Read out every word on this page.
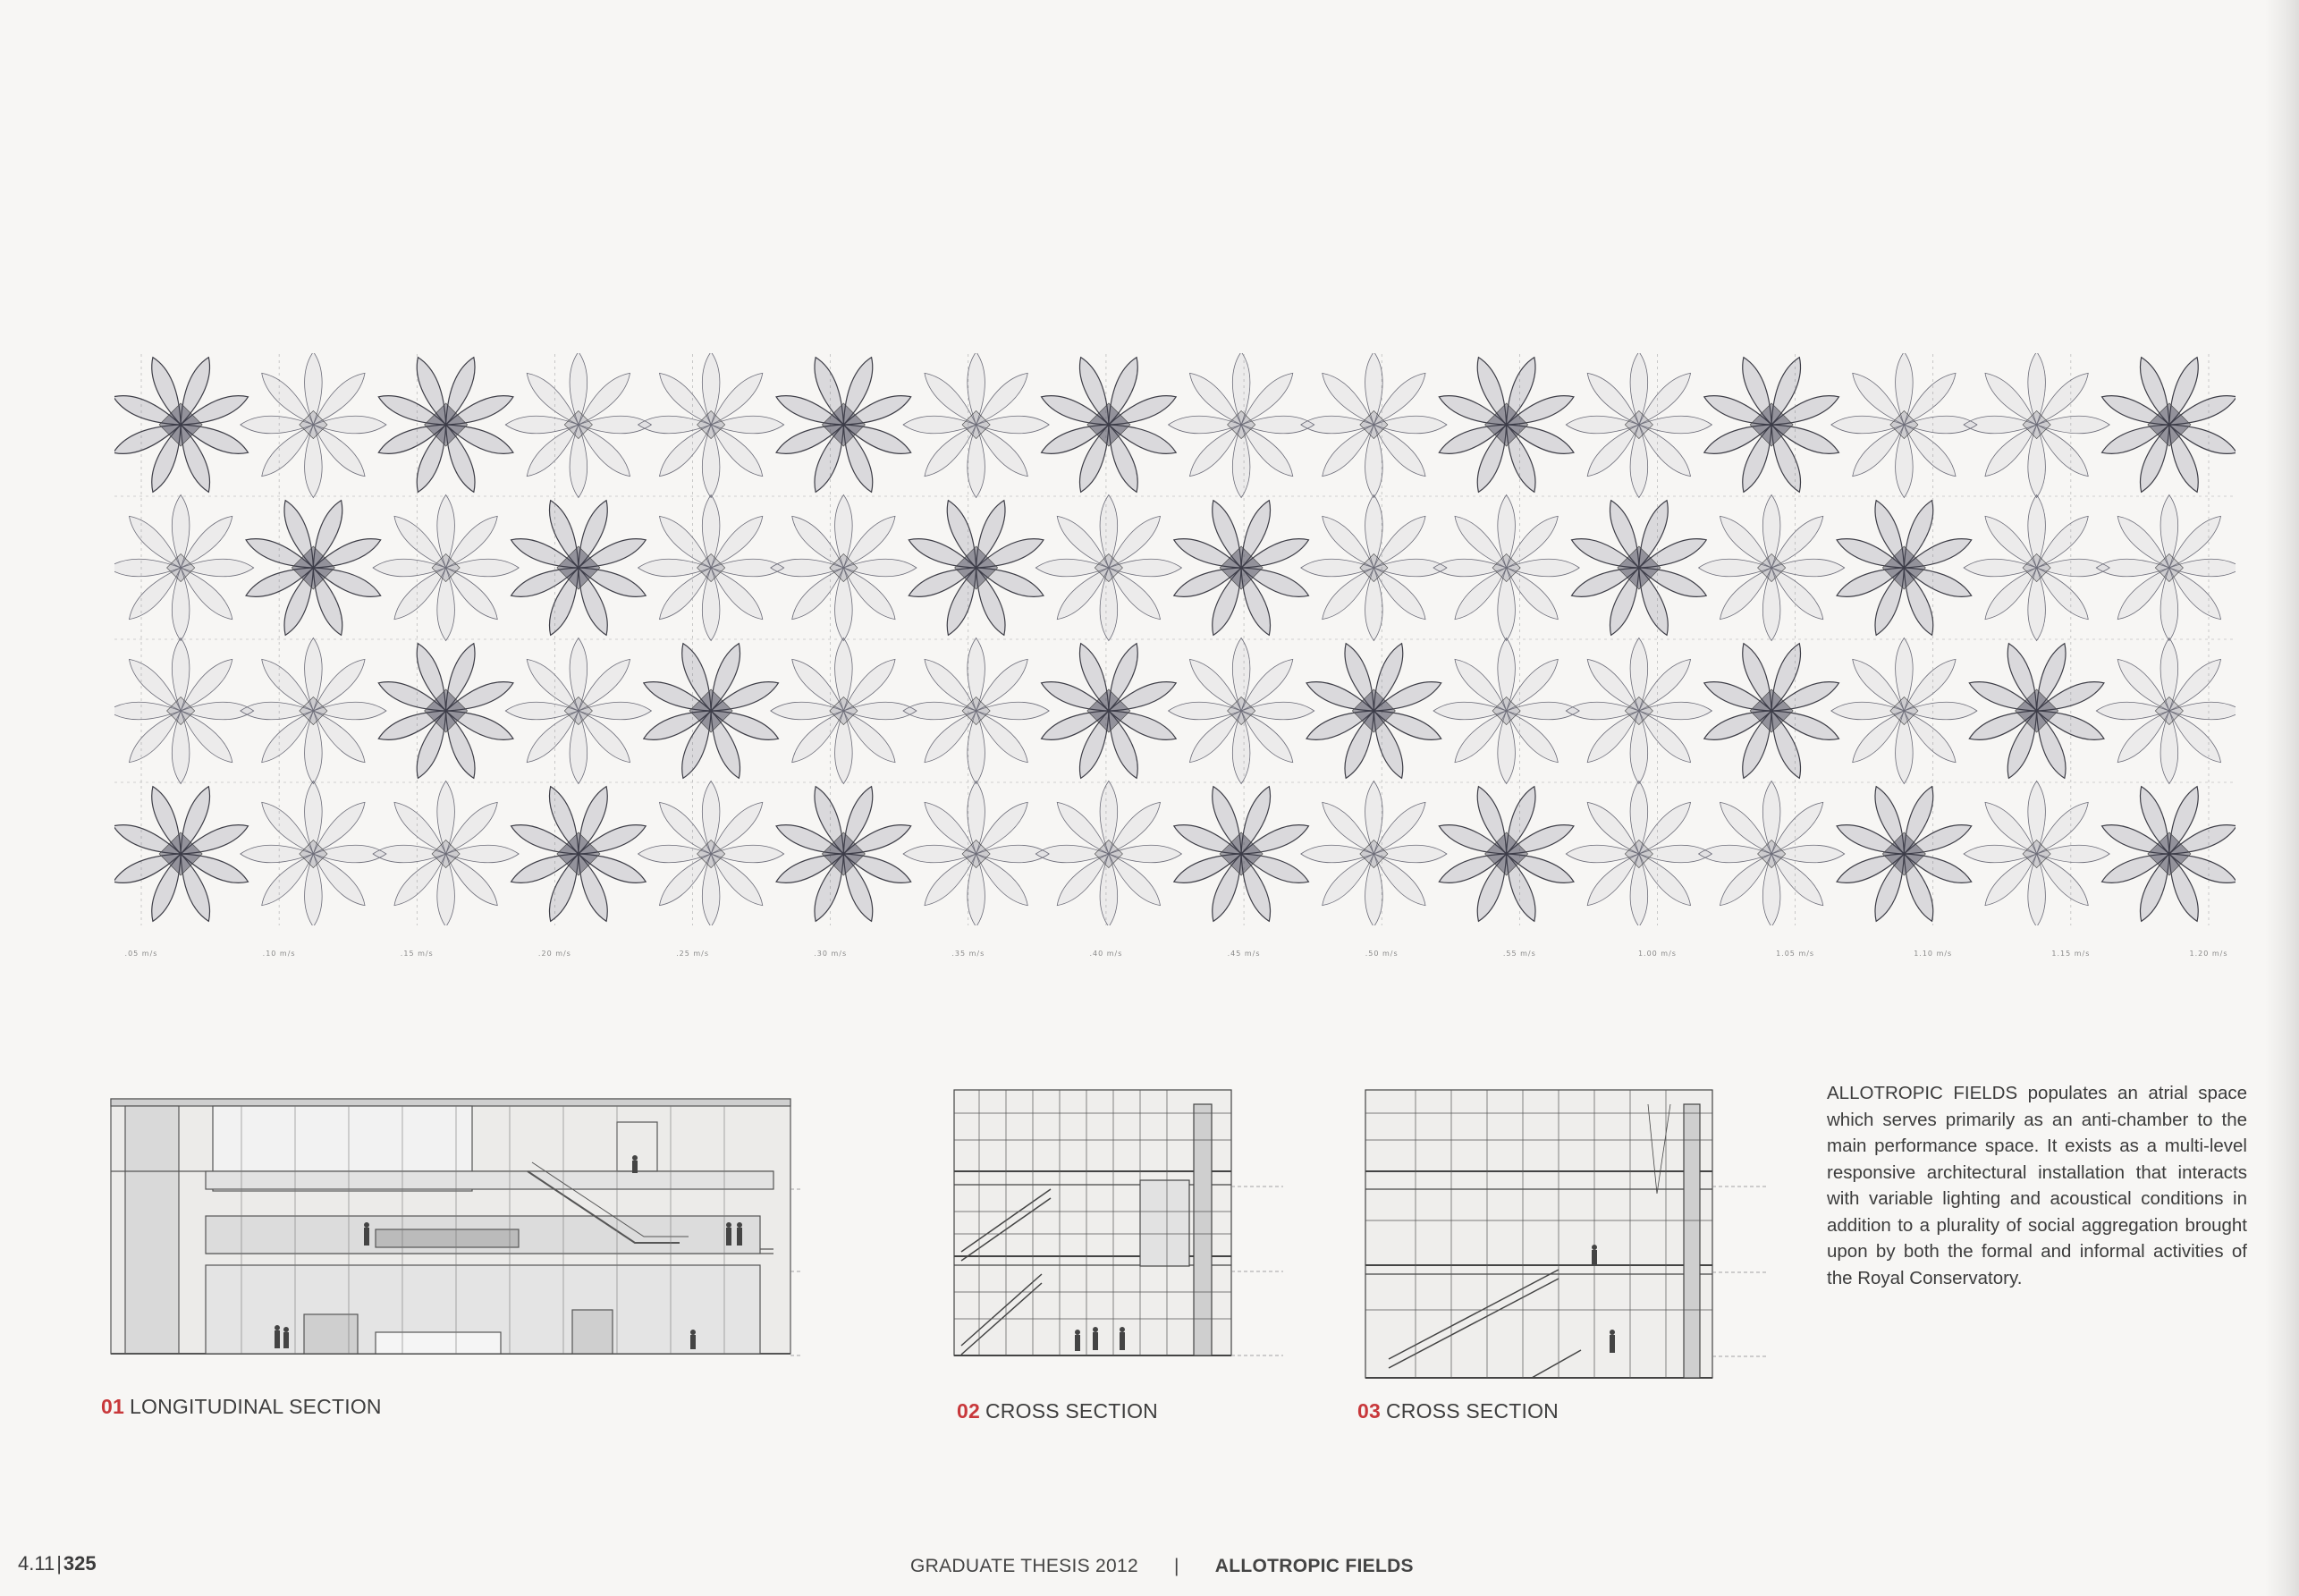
.05 m/s	.10 m/s	.15 m/s	.20 m/s	.25 m/s	.30 m/s	.35 m/s	.40 m/s	.45 m/s	.50 m/s	.55 m/s	1.00 m/s	1.05 m/s	1.10 m/s	1.15 m/s	1.20 m/s
01 LONGITUDINAL SECTION	02 CROSS SECTION	03 CROSS SECTION
ALLOTROPIC FIELDS populates an atrial space which serves primarily as an anti-chamber to the main performance space. It exists as a multi-level responsive architectural installation that interacts with variable lighting and acoustical conditions in addition to a plurality of social aggregation brought upon by both the formal and informal activities of the Royal Conservatory.
4.11|325	GRADUATE THESIS 2012 | ALLOTROPIC FIELDS
